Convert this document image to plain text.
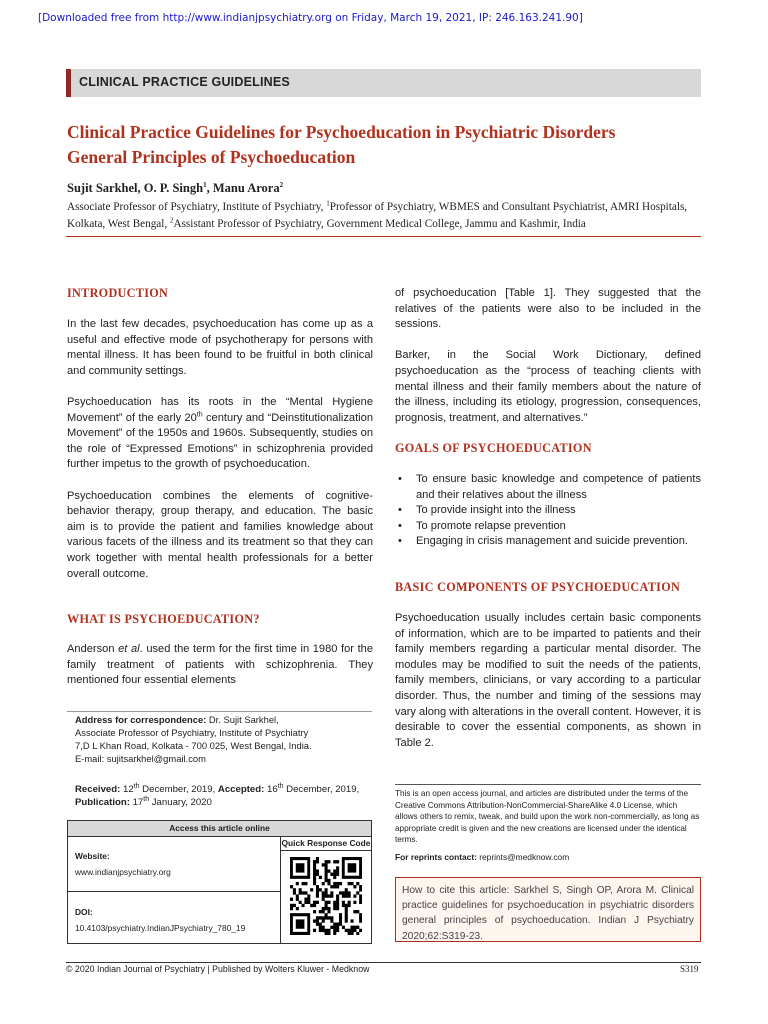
[Downloaded free from http://www.indianjpsychiatry.org on Friday, March 19, 2021, IP: 246.163.241.90]
CLINICAL PRACTICE GUIDELINES
Clinical Practice Guidelines for Psychoeducation in Psychiatric Disorders
General Principles of Psychoeducation
Sujit Sarkhel, O. P. Singh$^1$, Manu Arora$^2$
Associate Professor of Psychiatry, Institute of Psychiatry, $^1$Professor of Psychiatry, WBMES and Consultant Psychiatrist, AMRI Hospitals, Kolkata, West Bengal, $^2$Assistant Professor of Psychiatry, Government Medical College, Jammu and Kashmir, India
INTRODUCTION

In the last few decades, psychoeducation has come up as a useful and effective mode of psychotherapy for persons with mental illness. It has been found to be fruitful in both clinical and community settings.

Psychoeducation has its roots in the “Mental Hygiene Movement” of the early 20th century and “Deinstitutionalization Movement” of the 1950s and 1960s. Subsequently, studies on the role of “Expressed Emotions” in schizophrenia provided further impetus to the growth of psychoeducation.

Psychoeducation combines the elements of cognitive-behavior therapy, group therapy, and education. The basic aim is to provide the patient and families knowledge about various facets of the illness and its treatment so that they can work together with mental health professionals for a better overall outcome.

WHAT IS PSYCHOEDUCATION?

Anderson et al. used the term for the first time in 1980 for the family treatment of patients with schizophrenia. They mentioned four essential elements

of psychoeducation [Table 1]. They suggested that the relatives of the patients were also to be included in the sessions.

Barker, in the Social Work Dictionary, defined psychoeducation as the “process of teaching clients with mental illness and their family members about the nature of the illness, including its etiology, progression, consequences, prognosis, treatment, and alternatives.”

GOALS OF PSYCHOEDUCATION
• To ensure basic knowledge and competence of patients and their relatives about the illness
• To provide insight into the illness
• To promote relapse prevention
• Engaging in crisis management and suicide prevention.
BASIC COMPONENTS OF PSYCHOEDUCATION

Psychoeducation usually includes certain basic components of information, which are to be imparted to patients and their family members regarding a particular mental disorder. The modules may be modified to suit the needs of the patients, family members, clinicians, or vary according to a particular disorder. Thus, the number and timing of the sessions may vary along with alterations in the overall content. However, it is desirable to cover the essential components, as shown in Table 2.

Address for correspondence: Dr. Sujit Sarkhel,
Associate Professor of Psychiatry, Institute of Psychiatry
7,D L Khan Road, Kolkata - 700 025, West Bengal, India.
E-mail: sujitsarkhel@gmail.com
Received: 12th December, 2019, Accepted: 16th December, 2019,
Publication: 17th January, 2020
Access this article online
Quick Response Code
Website:
www.indianjpsychiatry.org
DOI:
10.4103/psychiatry.IndianJPsychiatry_780_19
This is an open access journal, and articles are distributed under the terms of the Creative Commons Attribution-NonCommercial-ShareAlike 4.0 License, which allows others to remix, tweak, and build upon the work non-commercially, as long as appropriate credit is given and the new creations are licensed under the identical terms.
For reprints contact: reprints@medknow.com
How to cite this article: Sarkhel S, Singh OP, Arora M. Clinical practice guidelines for psychoeducation in psychiatric disorders general principles of psychoeducation. Indian J Psychiatry 2020;62:S319-23.
© 2020 Indian Journal of Psychiatry | Published by Wolters Kluwer - Medknow	S319
